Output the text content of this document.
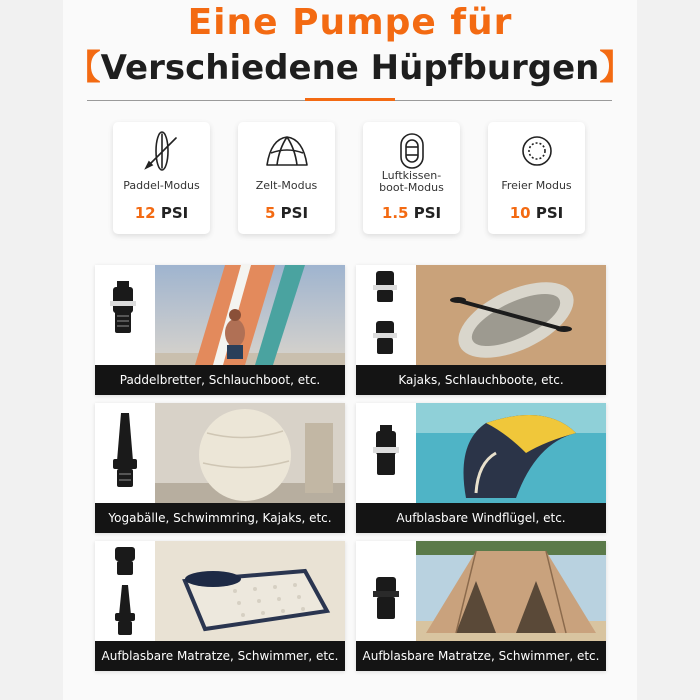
Eine Pumpe für
【Verschiedene Hüpfburgen】
Paddel-Modus
12 PSI
Zelt-Modus
5 PSI
Luftkissen-
boot-Modus
1.5 PSI
Freier Modus
10 PSI
Paddelbretter, Schlauchboot, etc.	Kajaks, Schlauchboote, etc.
Yogabälle, Schwimmring, Kajaks, etc.	Aufblasbare Windflügel, etc.
Aufblasbare Matratze, Schwimmer, etc.	Aufblasbare Matratze, Schwimmer, etc.
